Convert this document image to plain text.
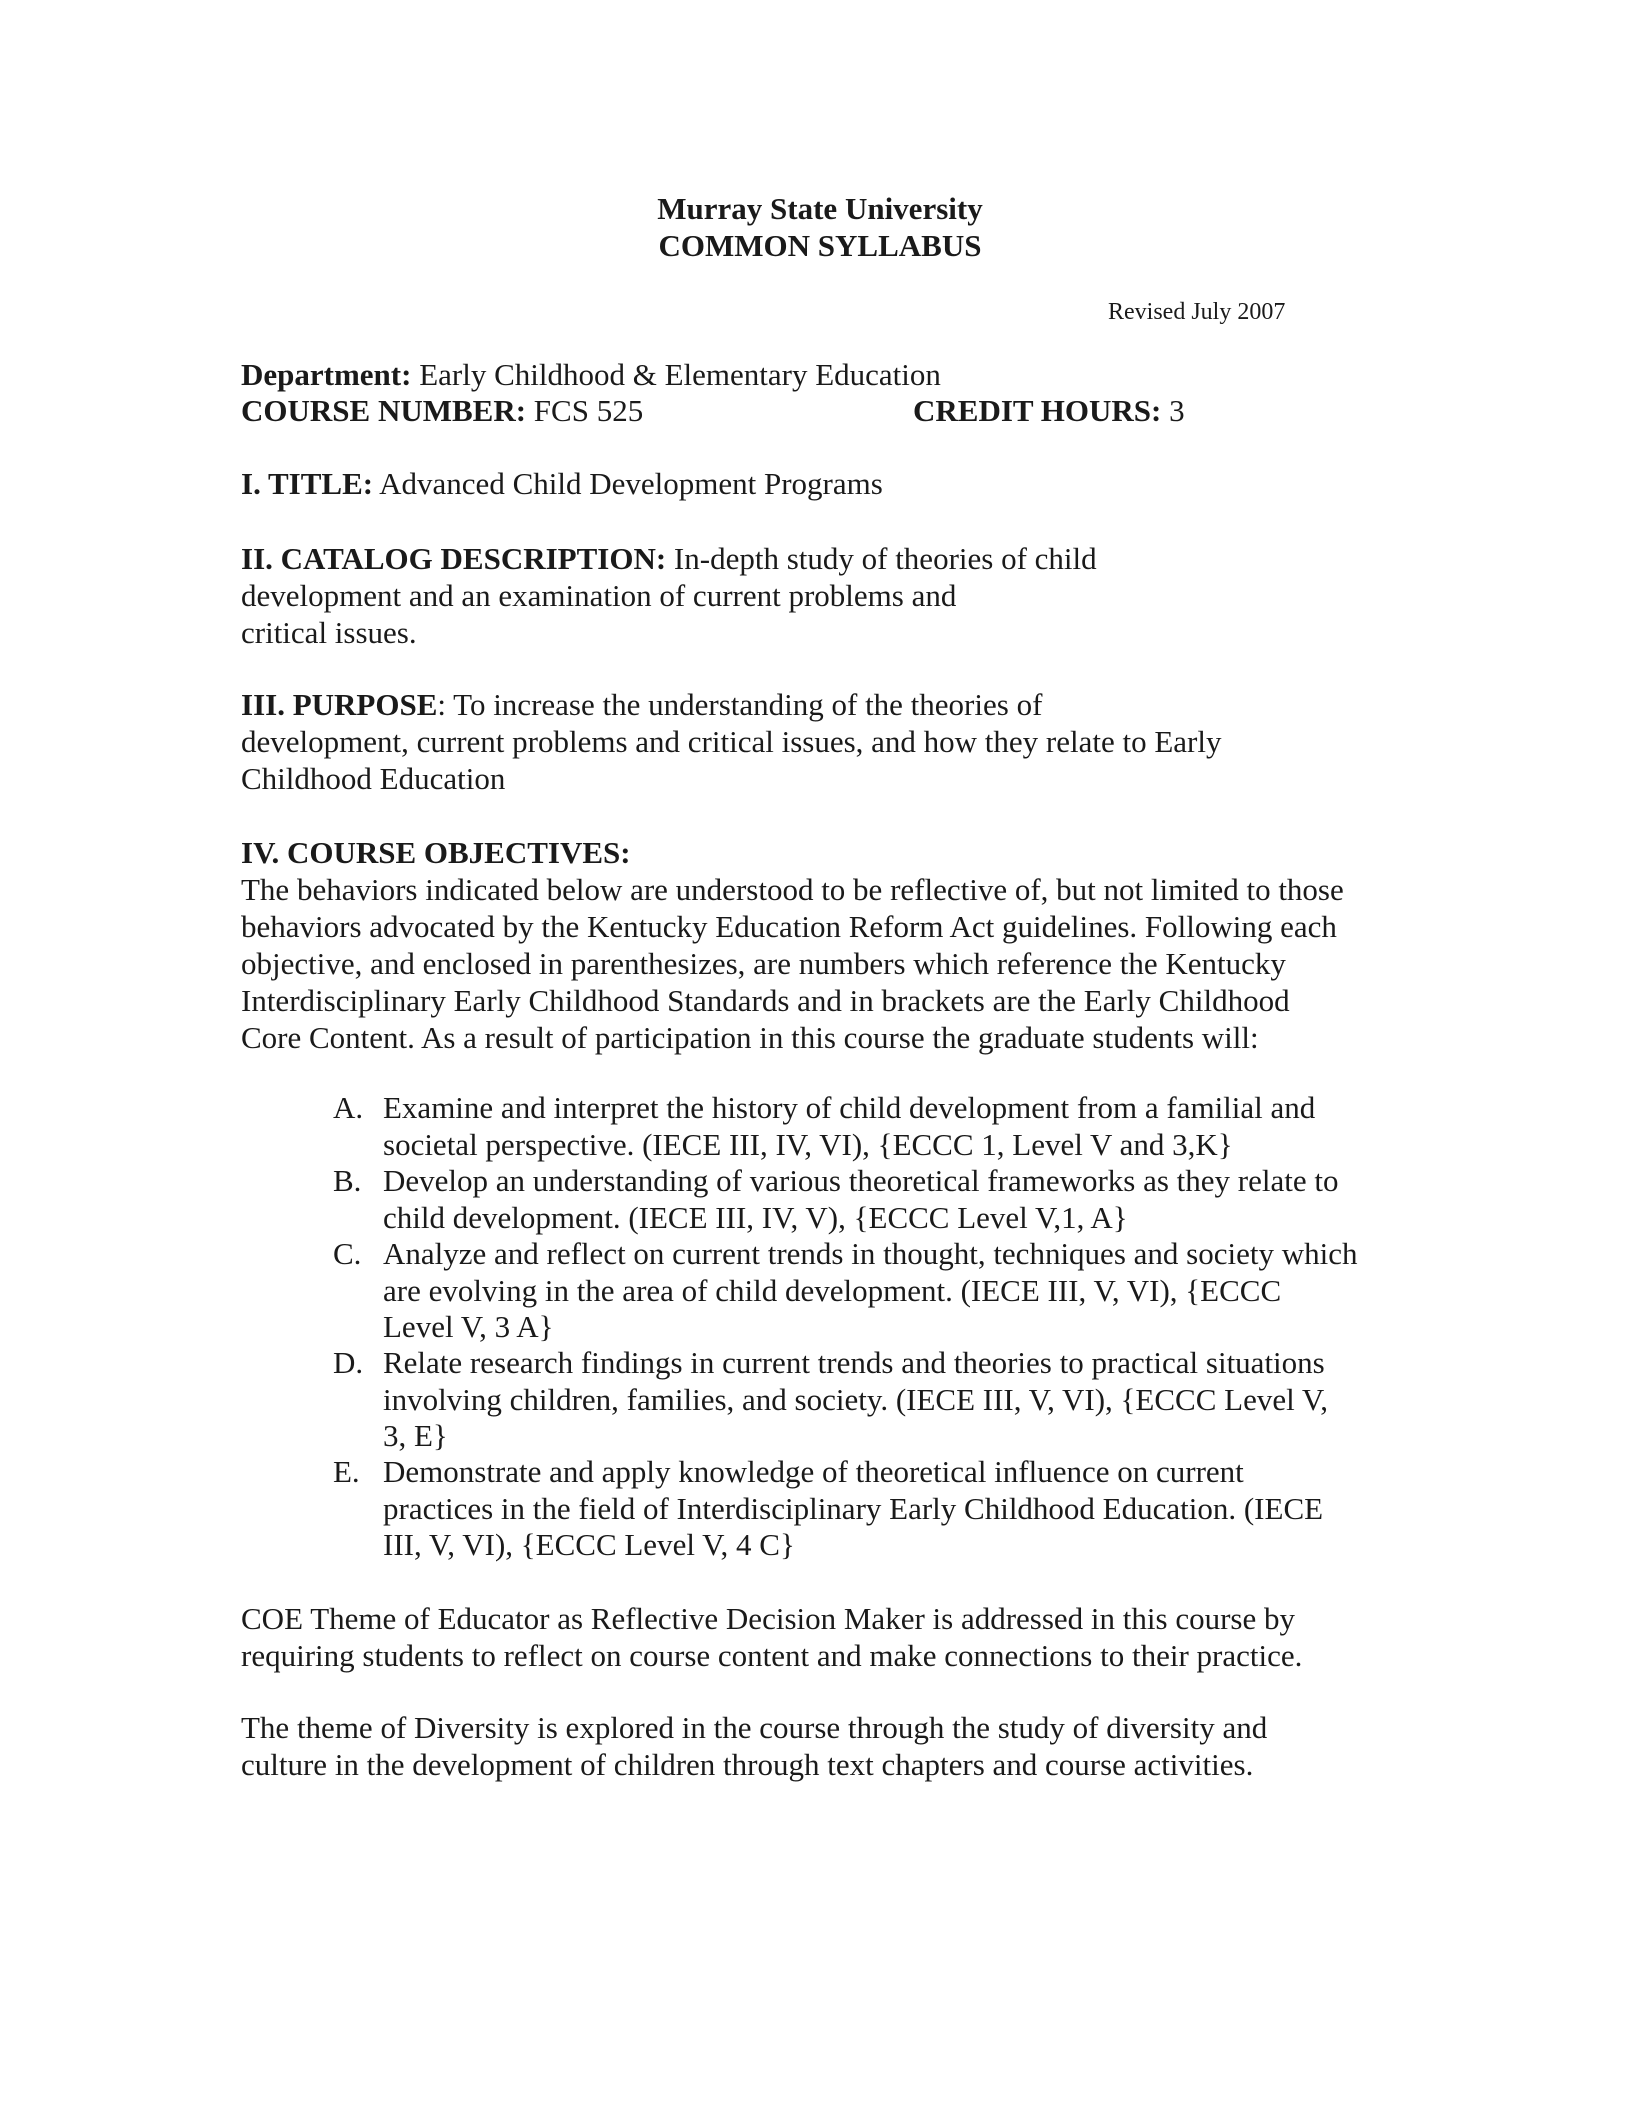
Murray State University
COMMON SYLLABUS
Revised July 2007
Department: Early Childhood & Elementary Education
COURSE NUMBER: FCS 525	CREDIT HOURS: 3
I. TITLE: Advanced Child Development Programs
II. CATALOG DESCRIPTION: In-depth study of theories of child
development and an examination of current problems and
critical issues.
III. PURPOSE: To increase the understanding of the theories of
development, current problems and critical issues, and how they relate to Early
Childhood Education
IV. COURSE OBJECTIVES:
The behaviors indicated below are understood to be reflective of, but not limited to those
behaviors advocated by the Kentucky Education Reform Act guidelines. Following each
objective, and enclosed in parenthesizes, are numbers which reference the Kentucky
Interdisciplinary Early Childhood Standards and in brackets are the Early Childhood
Core Content. As a result of participation in this course the graduate students will:
A. Examine and interpret the history of child development from a familial and
societal perspective. (IECE III, IV, VI), {ECCC 1, Level V and 3,K}
B. Develop an understanding of various theoretical frameworks as they relate to
child development. (IECE III, IV, V), {ECCC Level V,1, A}
C. Analyze and reflect on current trends in thought, techniques and society which
are evolving in the area of child development. (IECE III, V, VI), {ECCC
Level V, 3 A}
D. Relate research findings in current trends and theories to practical situations
involving children, families, and society. (IECE III, V, VI), {ECCC Level V,
3, E}
E. Demonstrate and apply knowledge of theoretical influence on current
practices in the field of Interdisciplinary Early Childhood Education. (IECE
III, V, VI), {ECCC Level V, 4 C}
COE Theme of Educator as Reflective Decision Maker is addressed in this course by
requiring students to reflect on course content and make connections to their practice.
The theme of Diversity is explored in the course through the study of diversity and
culture in the development of children through text chapters and course activities.
